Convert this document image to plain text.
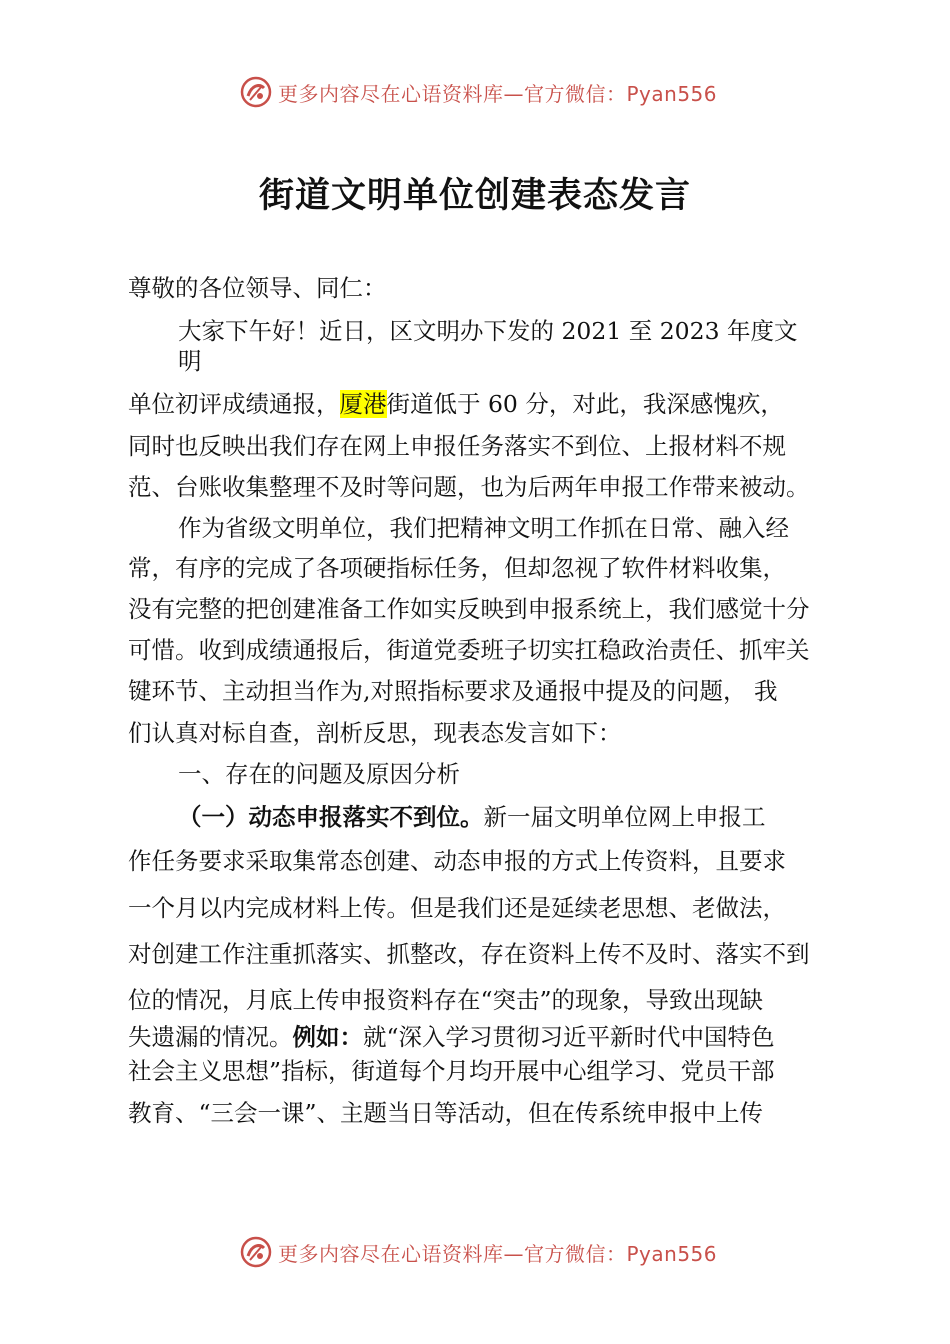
更多内容尽在心语资料库—官方微信：Pyan556
街道文明单位创建表态发言
尊敬的各位领导、同仁：
大家下午好！近日，区文明办下发的 2021 至 2023 年度文
明
单位初评成绩通报，厦港街道低于 60 分，对此，我深感愧疚，
同时也反映出我们存在网上申报任务落实不到位、上报材料不规
范、台账收集整理不及时等问题，也为后两年申报工作带来被动。
作为省级文明单位，我们把精神文明工作抓在日常、融入经
常，有序的完成了各项硬指标任务，但却忽视了软件材料收集，
没有完整的把创建准备工作如实反映到申报系统上，我们感觉十分
可惜。收到成绩通报后，街道党委班子切实扛稳政治责任、抓牢关
键环节、主动担当作为,对照指标要求及通报中提及的问题， 我
们认真对标自查，剖析反思，现表态发言如下：
一、存在的问题及原因分析
（一）动态申报落实不到位。新一届文明单位网上申报工
作任务要求采取集常态创建、动态申报的方式上传资料，且要求
一个月以内完成材料上传。但是我们还是延续老思想、老做法，
对创建工作注重抓落实、抓整改，存在资料上传不及时、落实不到
位的情况，月底上传申报资料存在“突击”的现象，导致出现缺
失遗漏的情况。例如：就“深入学习贯彻习近平新时代中国特色
社会主义思想”指标，街道每个月均开展中心组学习、党员干部
教育、“三会一课”、主题当日等活动，但在传系统申报中上传
更多内容尽在心语资料库—官方微信：Pyan556
